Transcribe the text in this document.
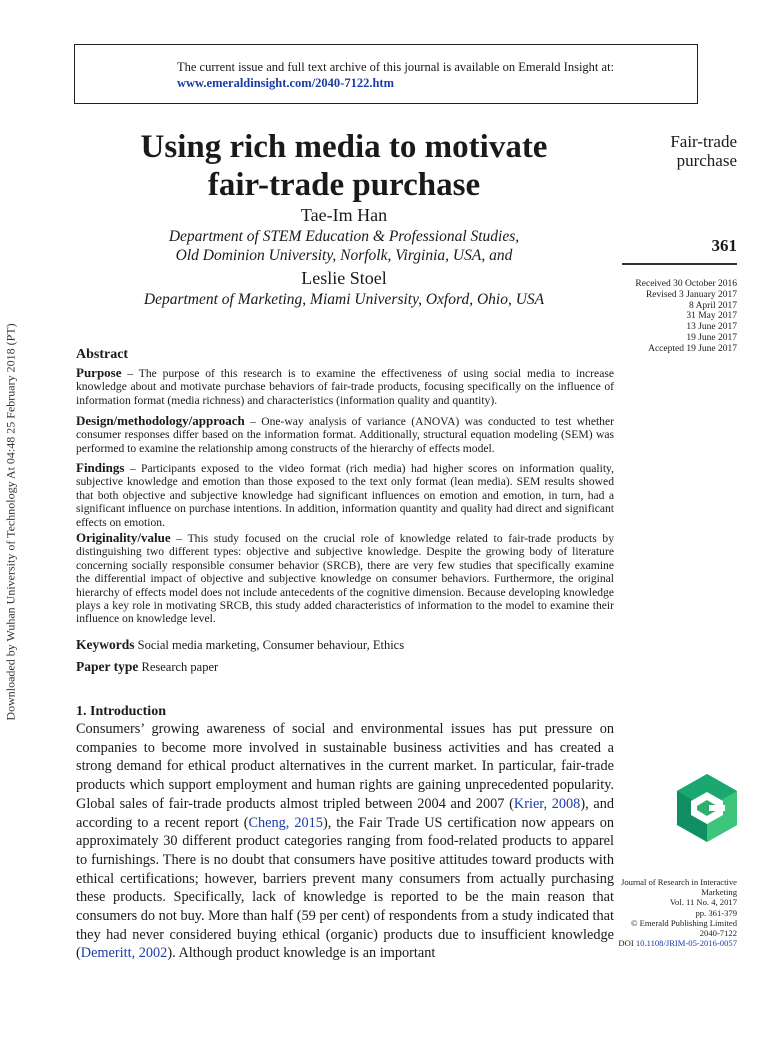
Downloaded by Wuhan University of Technology At 04:48 25 February 2018 (PT)
The current issue and full text archive of this journal is available on Emerald Insight at:
www.emeraldinsight.com/2040-7122.htm
Using rich media to motivate
fair-trade purchase
Tae-Im Han
Department of STEM Education & Professional Studies,
Old Dominion University, Norfolk, Virginia, USA, and
Leslie Stoel
Department of Marketing, Miami University, Oxford, Ohio, USA
Fair-trade
purchase
361
Received 30 October 2016
Revised 3 January 2017
8 April 2017
31 May 2017
13 June 2017
19 June 2017
Accepted 19 June 2017
Abstract
Purpose – The purpose of this research is to examine the effectiveness of using social media to increase knowledge about and motivate purchase behaviors of fair-trade products, focusing specifically on the influence of information format (media richness) and characteristics (information quality and quantity).
Design/methodology/approach – One-way analysis of variance (ANOVA) was conducted to test whether consumer responses differ based on the information format. Additionally, structural equation modeling (SEM) was performed to examine the relationship among constructs of the hierarchy of effects model.
Findings – Participants exposed to the video format (rich media) had higher scores on information quality, subjective knowledge and emotion than those exposed to the text only format (lean media). SEM results showed that both objective and subjective knowledge had significant influences on emotion and emotion, in turn, had a significant influence on purchase intentions. In addition, information quantity and quality had direct and significant effects on emotion.
Originality/value – This study focused on the crucial role of knowledge related to fair-trade products by distinguishing two different types: objective and subjective knowledge. Despite the growing body of literature concerning socially responsible consumer behavior (SRCB), there are very few studies that specifically examine the differential impact of objective and subjective knowledge on consumer behaviors. Furthermore, the original hierarchy of effects model does not include antecedents of the cognitive dimension. Because developing knowledge plays a key role in motivating SRCB, this study added characteristics of information to the model to examine their influence on knowledge level.
Keywords Social media marketing, Consumer behaviour, Ethics
Paper type Research paper
1. Introduction
Consumers’ growing awareness of social and environmental issues has put pressure on companies to become more involved in sustainable business activities and has created a strong demand for ethical product alternatives in the current market. In particular, fair-trade products which support employment and human rights are gaining unprecedented popularity. Global sales of fair-trade products almost tripled between 2004 and 2007 (Krier, 2008), and according to a recent report (Cheng, 2015), the Fair Trade US certification now appears on approximately 30 different product categories ranging from food-related products to apparel to furnishings. There is no doubt that consumers have positive attitudes toward products with ethical certifications; however, barriers prevent many consumers from actually purchasing these products. Specifically, lack of knowledge is reported to be the main reason that consumers do not buy. More than half (59 per cent) of respondents from a study indicated that they had never considered buying ethical (organic) products due to insufficient knowledge (Demeritt, 2002). Although product knowledge is an important
Journal of Research in Interactive
Marketing
Vol. 11 No. 4, 2017
pp. 361-379
© Emerald Publishing Limited
2040-7122
DOI 10.1108/JRIM-05-2016-0057
